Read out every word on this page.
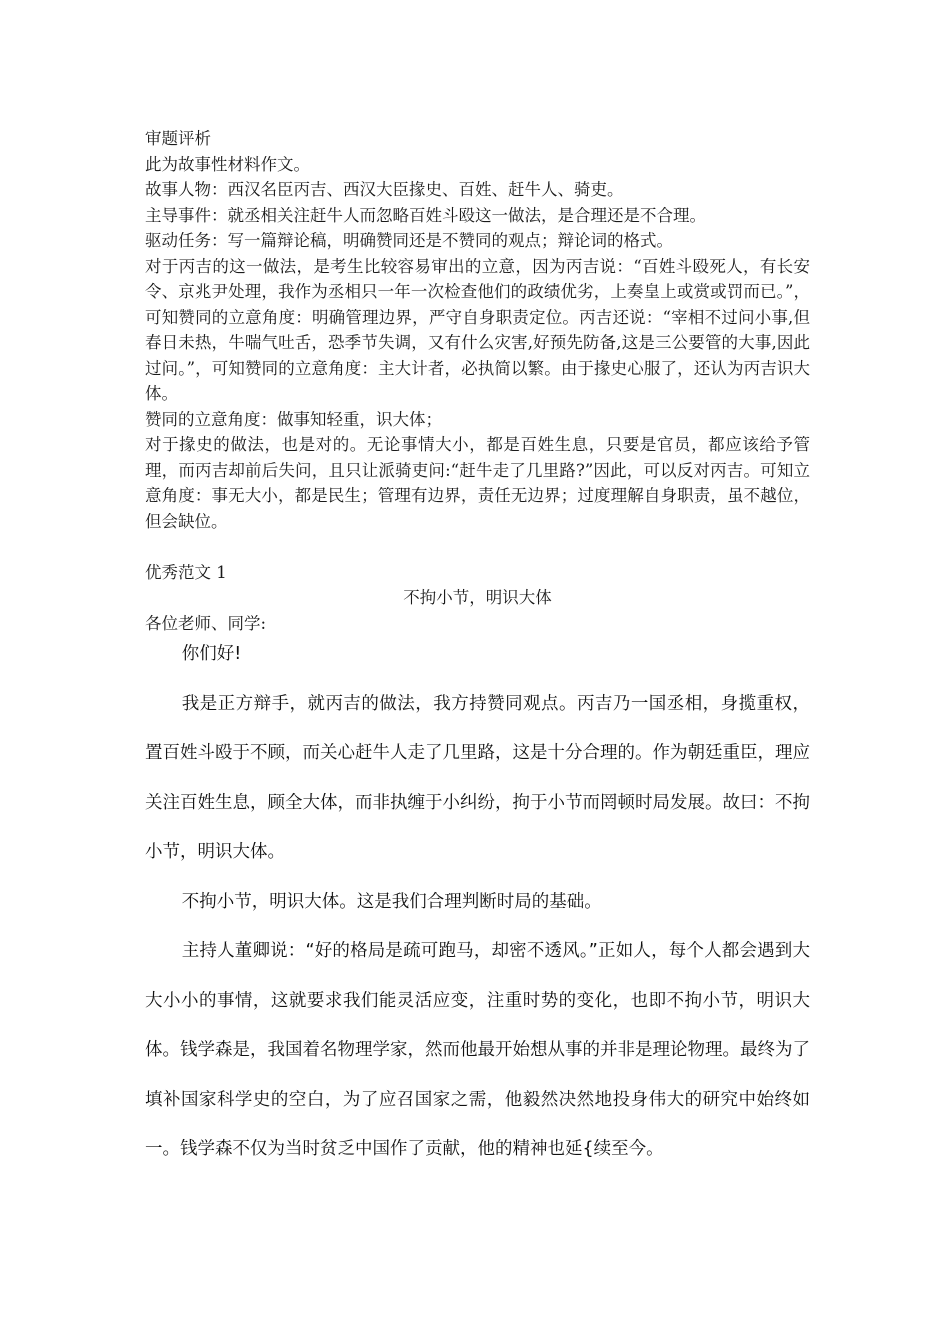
审题评析

此为故事性材料作文。

故事人物：西汉名臣丙吉、西汉大臣掾史、百姓、赶牛人、骑吏。

主导事件：就丞相关注赶牛人而忽略百姓斗殴这一做法，是合理还是不合理。

驱动任务：写一篇辩论稿，明确赞同还是不赞同的观点；辩论词的格式。

对于丙吉的这一做法，是考生比较容易审出的立意，因为丙吉说：“百姓斗殴死人，有长安令、京兆尹处理，我作为丞相只一年一次检查他们的政绩优劣，上奏皇上或赏或罚而已。”，可知赞同的立意角度：明确管理边界，严守自身职责定位。丙吉还说：“宰相不过问小事,但春日未热，牛喘气吐舌，恐季节失调，又有什么灾害,好预先防备,这是三公要管的大事,因此过问。”，可知赞同的立意角度：主大计者，必执简以繁。由于掾史心服了，还认为丙吉识大体。

赞同的立意角度：做事知轻重，识大体；

对于掾史的做法，也是对的。无论事情大小，都是百姓生息，只要是官员，都应该给予管理，而丙吉却前后失问，且只让派骑吏问:“赶牛走了几里路?”因此，可以反对丙吉。可知立意角度：事无大小，都是民生；管理有边界，责任无边界；过度理解自身职责，虽不越位，但会缺位。

优秀范文 1

不拘小节，明识大体

各位老师、同学:

你们好!

我是正方辩手，就丙吉的做法，我方持赞同观点。丙吉乃一国丞相，身揽重权，置百姓斗殴于不顾，而关心赶牛人走了几里路，这是十分合理的。作为朝廷重臣，理应关注百姓生息，顾全大体，而非执缠于小纠纷，拘于小节而罔顿时局发展。故曰：不拘小节，明识大体。

不拘小节，明识大体。这是我们合理判断时局的基础。

主持人董卿说：“好的格局是疏可跑马，却密不透风。”正如人，每个人都会遇到大大小小的事情，这就要求我们能灵活应变，注重时势的变化，也即不拘小节，明识大体。钱学森是，我国着名物理学家，然而他最开始想从事的并非是理论物理。最终为了填补国家科学史的空白，为了应召国家之需，他毅然决然地投身伟大的研究中始终如一。钱学森不仅为当时贫乏中国作了贡献，他的精神也延{续至今。
